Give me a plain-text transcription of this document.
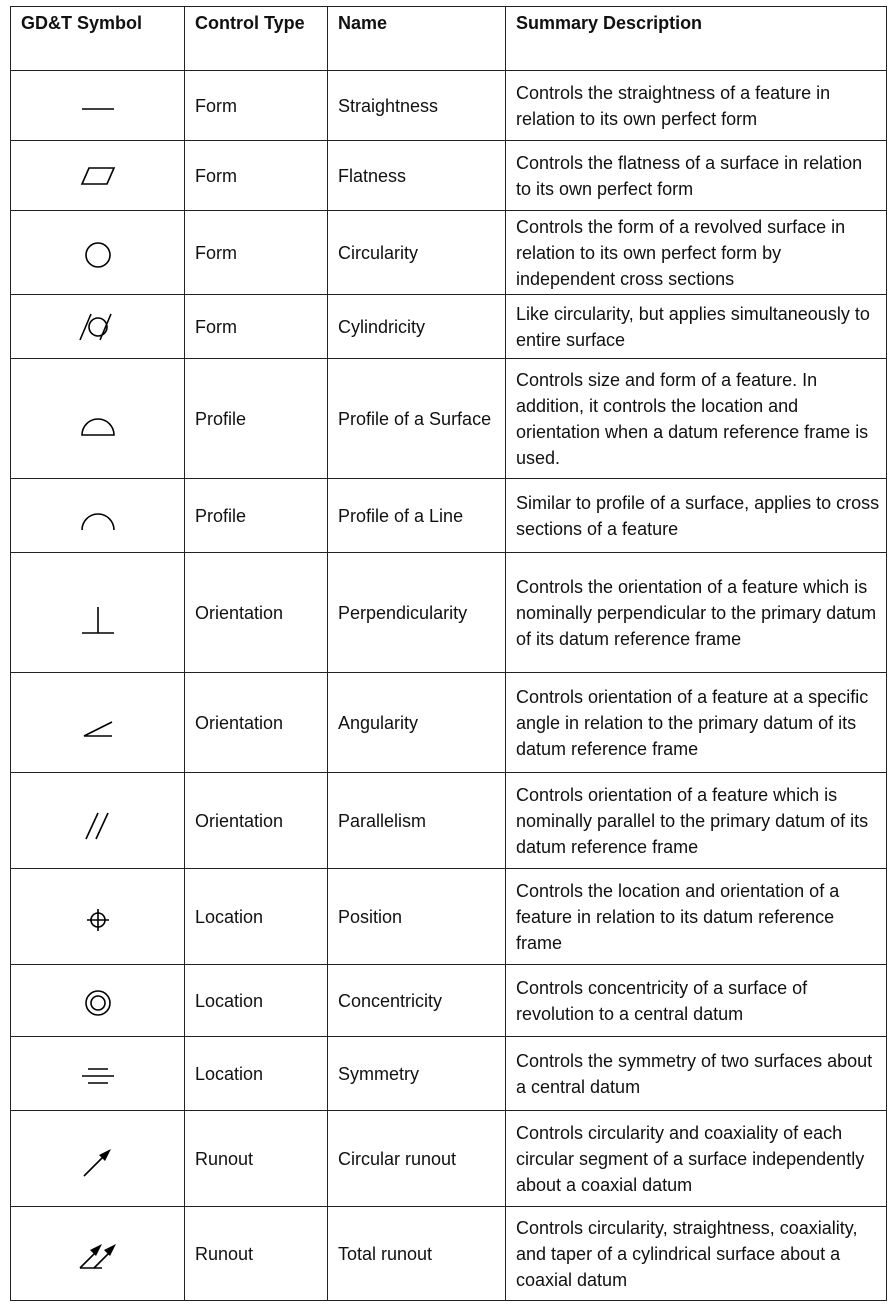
GD&T Symbol	Control Type	Name	Summary Description

	Form	Straightness	Controls the straightness of a feature in relation to its own perfect form

	Form	Flatness	Controls the flatness of a surface in relation to its own perfect form

	Form	Circularity	Controls the form of a revolved surface in relation to its own perfect form by independent cross sections

	Form	Cylindricity	Like circularity, but applies simultaneously to entire surface

	Profile	Profile of a Surface	Controls size and form of a feature. In addition, it controls the location and orientation when a datum reference frame is used.

	Profile	Profile of a Line	Similar to profile of a surface, applies to cross sections of a feature

	Orientation	Perpendicularity	Controls the orientation of a feature which is nominally perpendicular to the primary datum of its datum reference frame

	Orientation	Angularity	Controls orientation of a feature at a specific angle in relation to the primary datum of its datum reference frame

	Orientation	Parallelism	Controls orientation of a feature which is nominally parallel to the primary datum of its datum reference frame

	Location	Position	Controls the location and orientation of a feature in relation to its datum reference frame

	Location	Concentricity	Controls concentricity of a surface of revolution to a central datum

	Location	Symmetry	Controls the symmetry of two surfaces about a central datum

	Runout	Circular runout	Controls circularity and coaxiality of each circular segment of a surface independently about a coaxial datum

	Runout	Total runout	Controls circularity, straightness, coaxiality, and taper of a cylindrical surface about a coaxial datum
